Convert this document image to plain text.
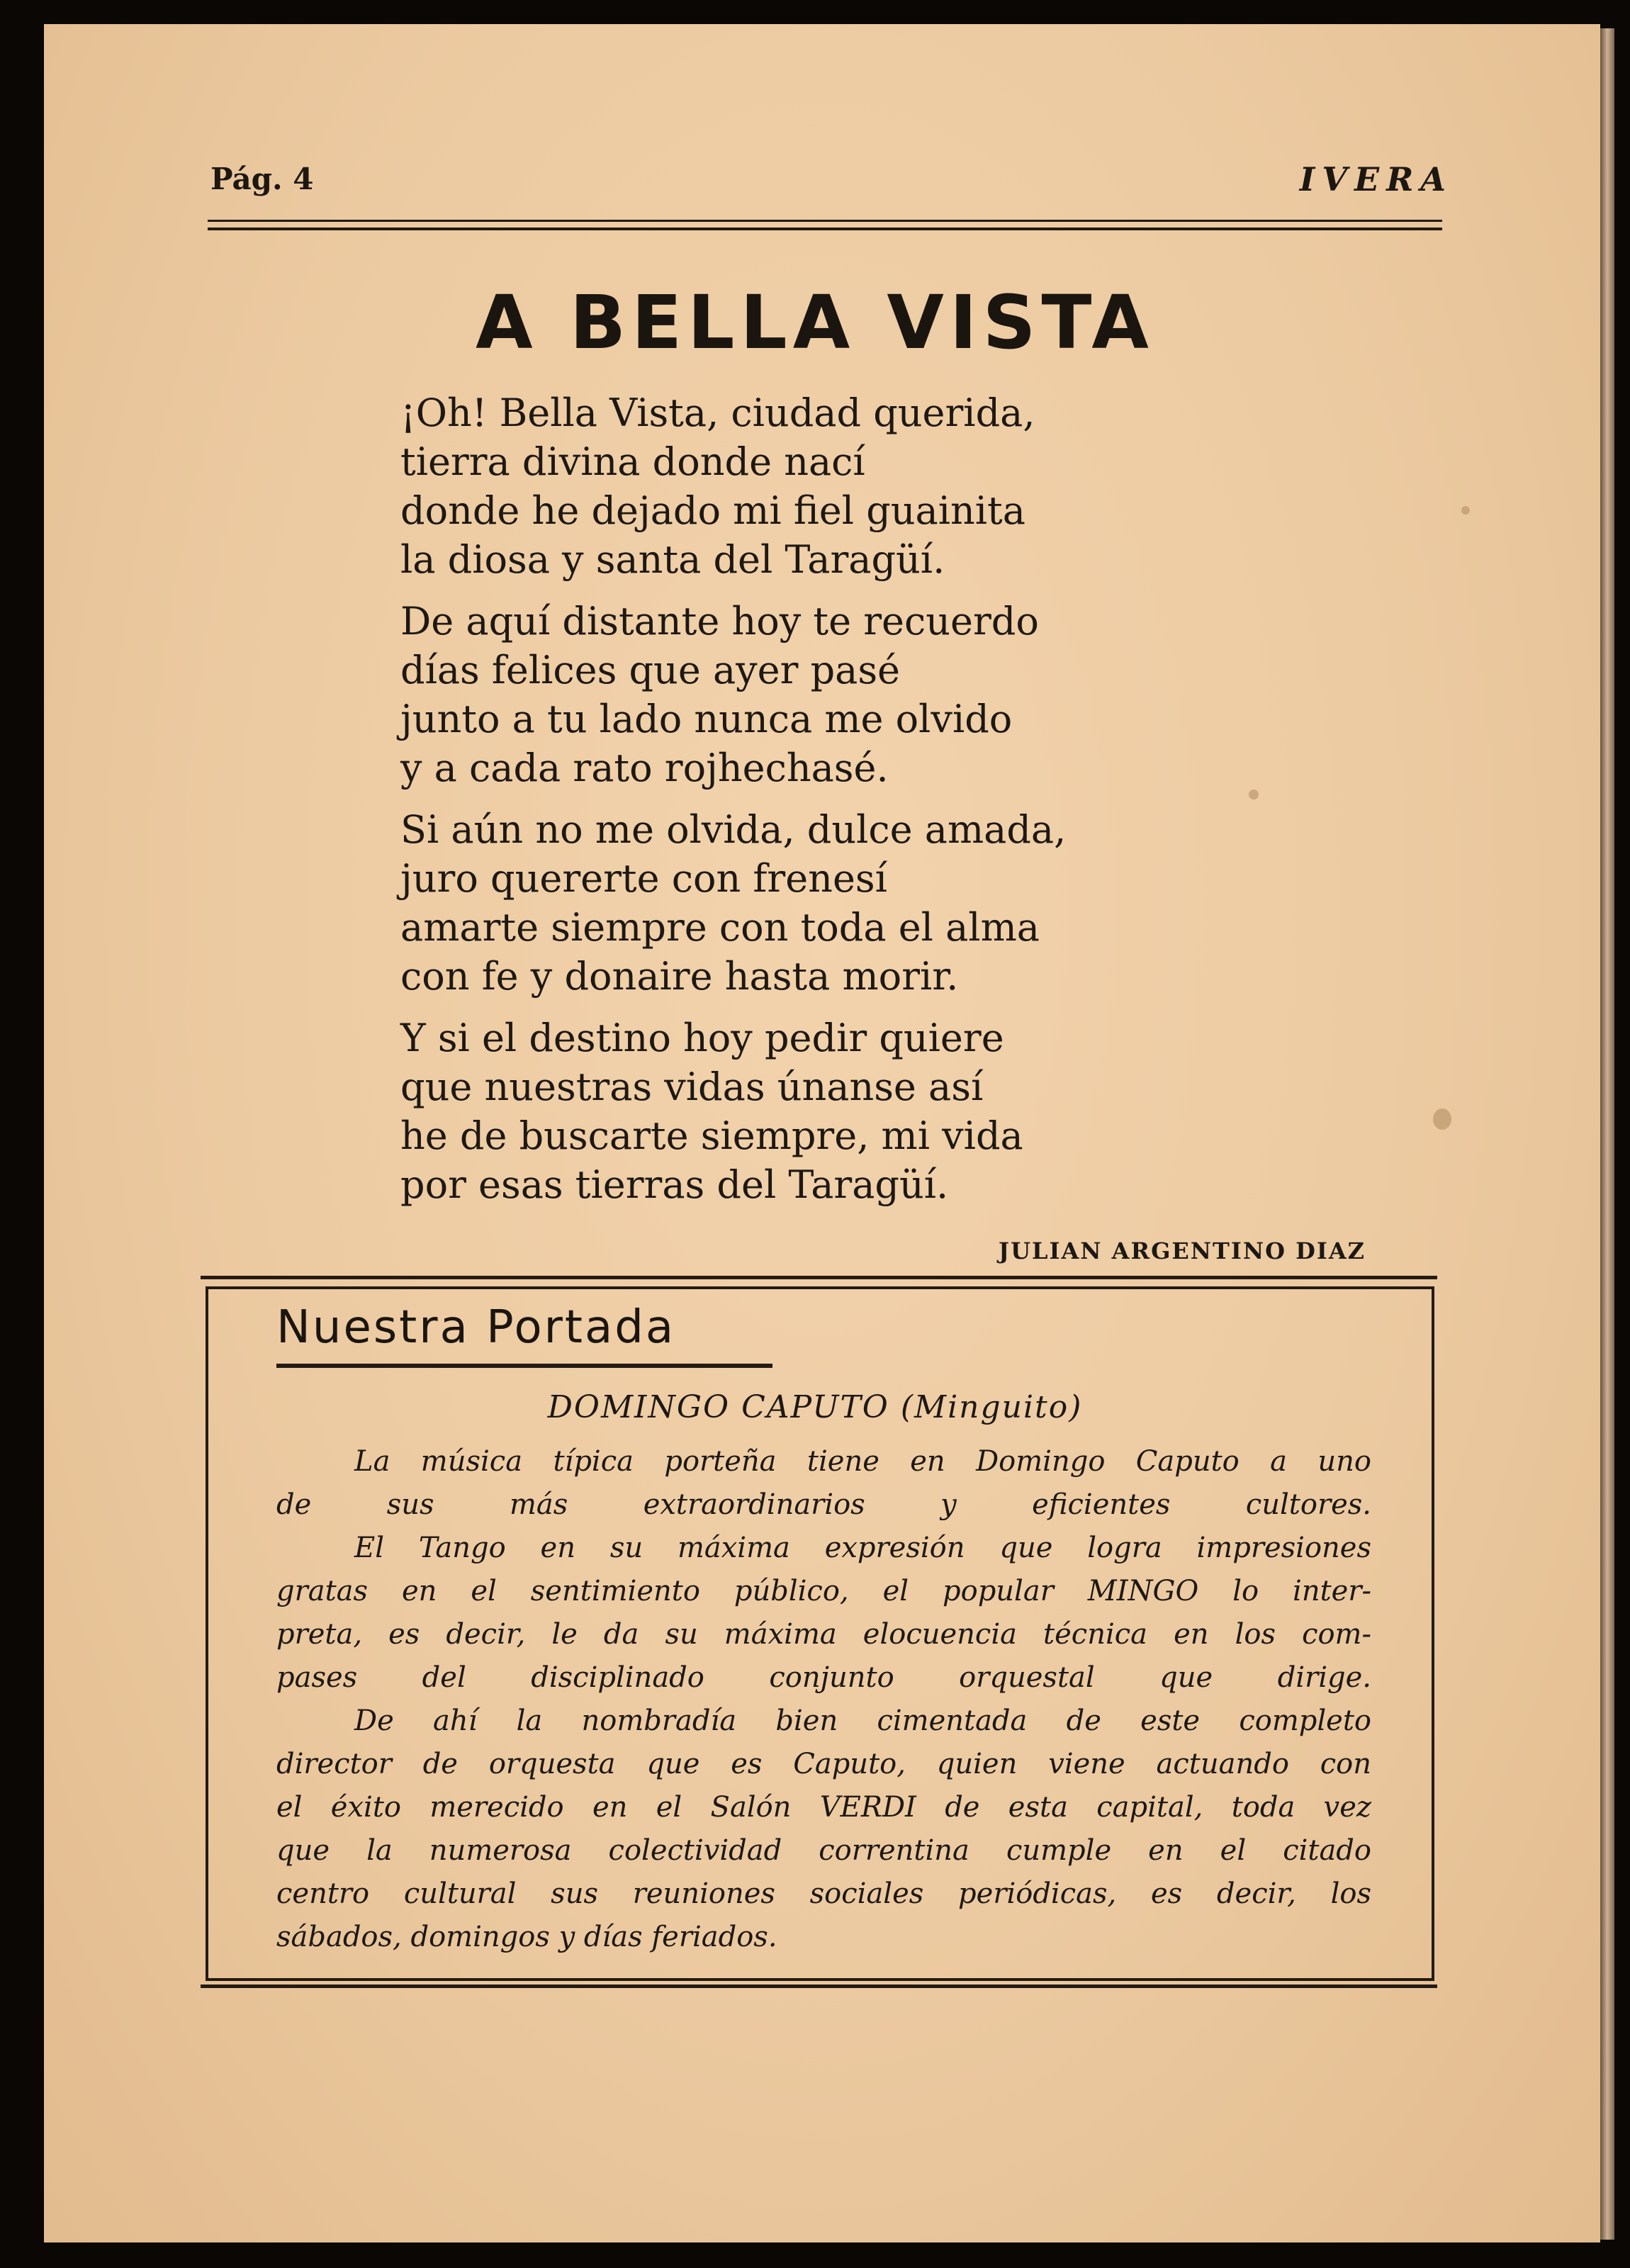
Pág. 4	IVERA
A BELLA VISTA
¡Oh! Bella Vista, ciudad querida,
tierra divina donde nací
donde he dejado mi fiel guainita
la diosa y santa del Taragüí.
De aquí distante hoy te recuerdo
días felices que ayer pasé
junto a tu lado nunca me olvido
y a cada rato rojhechasé.
Si aún no me olvida, dulce amada,
juro quererte con frenesí
amarte siempre con toda el alma
con fe y donaire hasta morir.
Y si el destino hoy pedir quiere
que nuestras vidas únanse así
he de buscarte siempre, mi vida
por esas tierras del Taragüí.
JULIAN ARGENTINO DIAZ
Nuestra Portada
DOMINGO CAPUTO (Minguito)
La música típica porteña tiene en Domingo Caputo a uno
de sus más extraordinarios y eficientes cultores.
El Tango en su máxima expresión que logra impresiones
gratas en el sentimiento público, el popular MINGO lo inter-
preta, es decir, le da su máxima elocuencia técnica en los com-
pases del disciplinado conjunto orquestal que dirige.
De ahí la nombradía bien cimentada de este completo
director de orquesta que es Caputo, quien viene actuando con
el éxito merecido en el Salón VERDI de esta capital, toda vez
que la numerosa colectividad correntina cumple en el citado
centro cultural sus reuniones sociales periódicas, es decir, los
sábados, domingos y días feriados.
